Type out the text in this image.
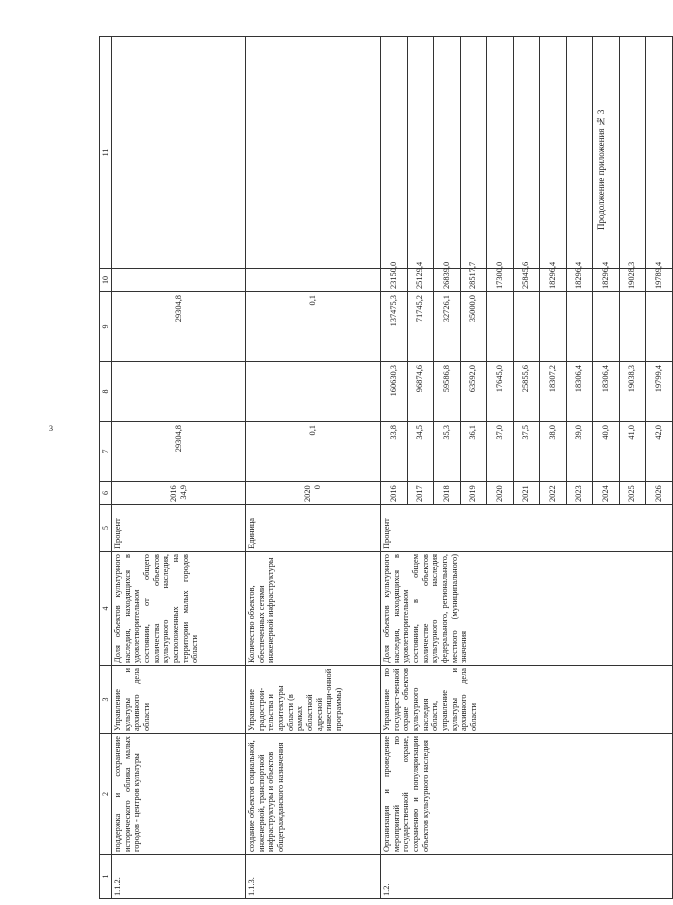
3
Продолжение приложения № 3
1	2	3	4	5	6	7	8	9	10	11	
1.1.2.	поддержка и сохранение исторического облика малых городов - центров культуры	Управление культуры и архивного дела области	Доля объектов культурного наследия, находящихся в удовлетворительном состоянии, от общего количества объектов культурного наследия, расположенных на территории малых городов области	Процент	2016 34,9	29304,8		29304,8			
1.1.3.	создание объектов социальной, инженерной, транспортной инфраструктуры и объектов общегражданского назначения	Управление градострои-тельства и архитектуры области (в рамках областной адресной инвестици-онной программы)	Количество объектов, обеспеченных сетями инженерной инфраструктуры	Единица	2020 0	0,1		0,1			
1.2.	Организация и проведение мероприятий по государственной охране, сохранению и популяризации объектов культурного наследия	Управление по государст-венной охране объектов культурного наследия области, управление культуры и архивного дела области	Доля объектов культурного наследия, находящихся в удовлетворительном состоянии, в общем количестве объектов культурного наследия федерального, регионального, местного (муниципального) значения	Процент	2016	33,8	160630,3	137475,3	23150,0		
					2017	34,5	96874,6	71745,2	25129,4		
					2018	35,3	59586,8	32726,1	26839,0		
					2019	36,1	63592,0	35000,0	28517,7		
					2020	37,0	17645,0		17300,0		
					2021	37,5	25855,6		25845,6		
					2022	38,0	18307,2		18296,4		
					2023	39,0	18306,4		18296,4		
					2024	40,0	18306,4		18296,4		
					2025	41,0	19038,3		19028,3		
					2026	42,0	19799,4		19789,4		
